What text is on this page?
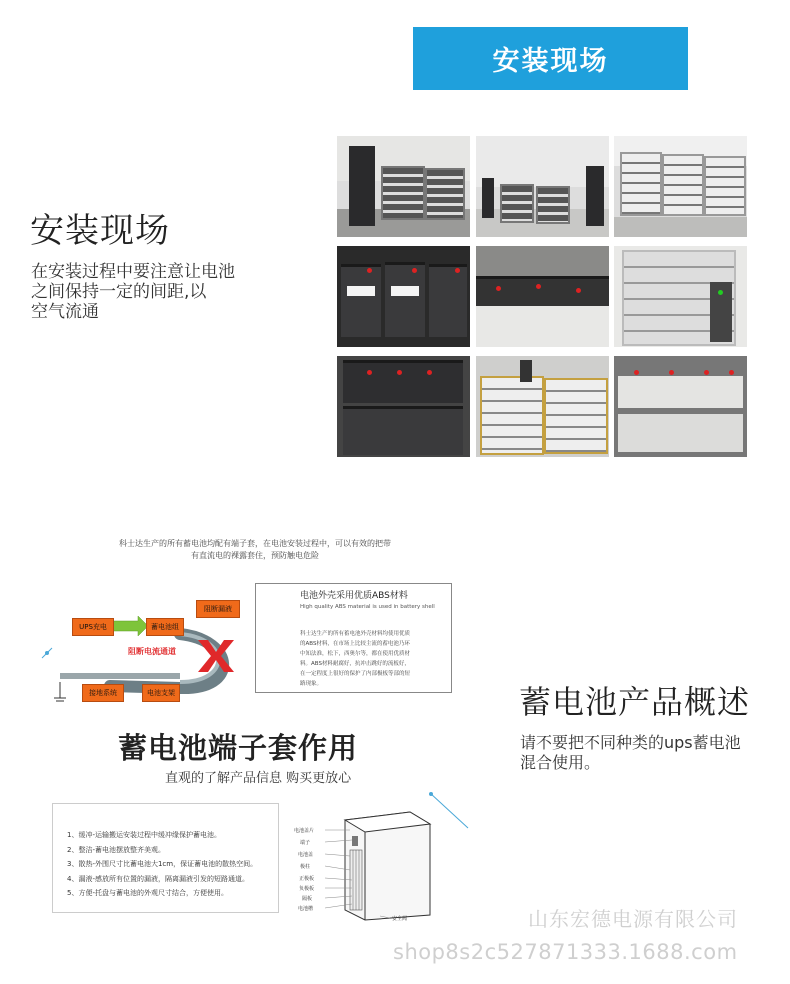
安装现场
安装现场
在安装过程中要注意让电池
之间保持一定的间距,以
空气流通
科士达生产的所有蓄电池均配有端子套，在电池安装过程中，可以有效的把带
有直流电的裸露套住，预防触电危险
UPS充电	蓄电池组
阻断漏液
接地系统	电池支架
阻断电流通道
电池外壳采用优质ABS材料
High quality ABS material is used in battery shell
科士达生产的所有蓄电池外壳材料均使用优质
的ABS材料，在市场上比较主流的蓄电池乃环
中知法准，松下，西奥尔等，都在使用优质材
料。ABS材料耐腐好，抗冲击跳好的流板好，
在一定程度上很好的保护了内部极板等部的短
路现象。	蓄电池产品概述
请不要把不同种类的ups蓄电池
混合使用。
蓄电池端子套作用
直观的了解产品信息 购买更放心
1、缓冲-运输搬运安装过程中缓冲缘保护蓄电池。
2、整洁-蓄电池摆放整齐美观。
3、散热-外围尺寸比蓄电池大1cm，保证蓄电池的散热空间。
4、漏液-感放所有位置的漏液，隔离漏液引发的短路通道。
5、方便-托盘与蓄电池的外观尺寸结合，方便使用。
电池盖片
端子
电池盖
极柱
正极板
负极板
隔板
电池槽
安全阀	山东宏德电源有限公司
shop8s2c527871333.1688.com
